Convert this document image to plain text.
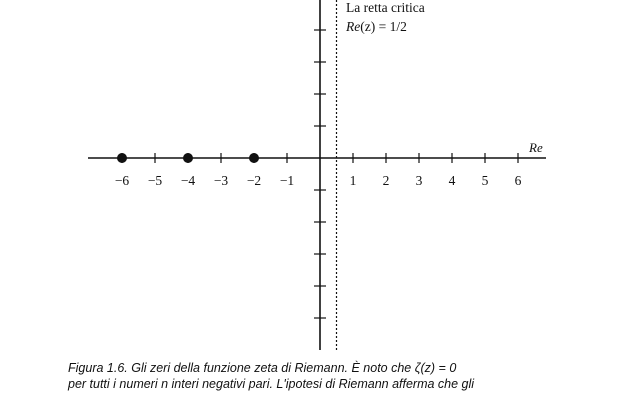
−6 −5 −4 −3 −2 −1	1 2 3 4 5 6
Re
La retta critica
Re(z) = 1/2

Figura 1.6. Gli zeri della funzione zeta di Riemann. È noto che ζ(z) = 0

per tutti i numeri n interi negativi pari. L'ipotesi di Riemann afferma che gli
